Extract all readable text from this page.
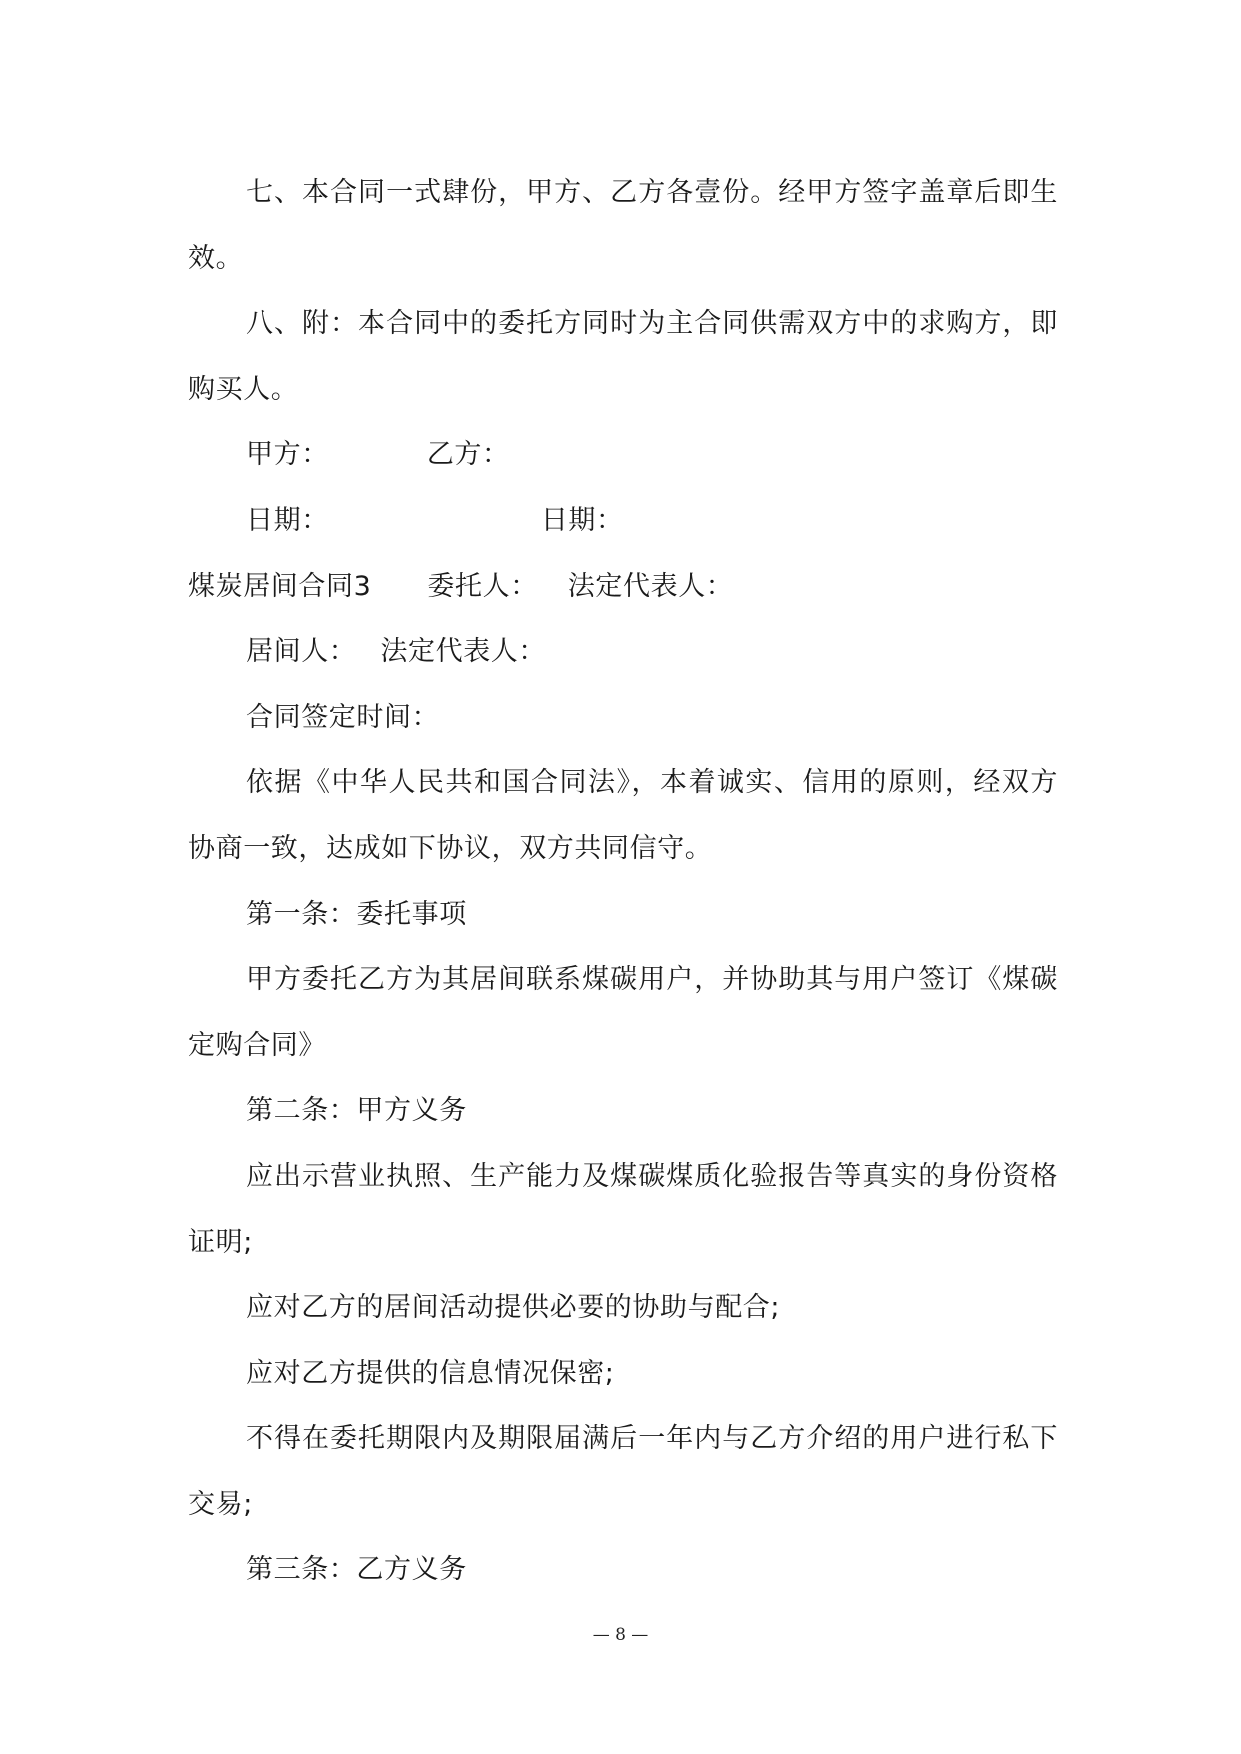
七、本合同一式肆份，甲方、乙方各壹份。经甲方签字盖章后即生效。

八、附：本合同中的委托方同时为主合同供需双方中的求购方，即购买人。

甲方：	乙方：

日期：	日期：

煤炭居间合同3 委托人： 法定代表人：

居间人： 法定代表人：

合同签定时间：

依据《中华人民共和国合同法》，本着诚实、信用的原则，经双方协商一致，达成如下协议，双方共同信守。

第一条：委托事项

甲方委托乙方为其居间联系煤碳用户，并协助其与用户签订《煤碳定购合同》

第二条：甲方义务

应出示营业执照、生产能力及煤碳煤质化验报告等真实的身份资格证明;

应对乙方的居间活动提供必要的协助与配合;

应对乙方提供的信息情况保密;

不得在委托期限内及期限届满后一年内与乙方介绍的用户进行私下交易;

第三条：乙方义务

— 8 —
